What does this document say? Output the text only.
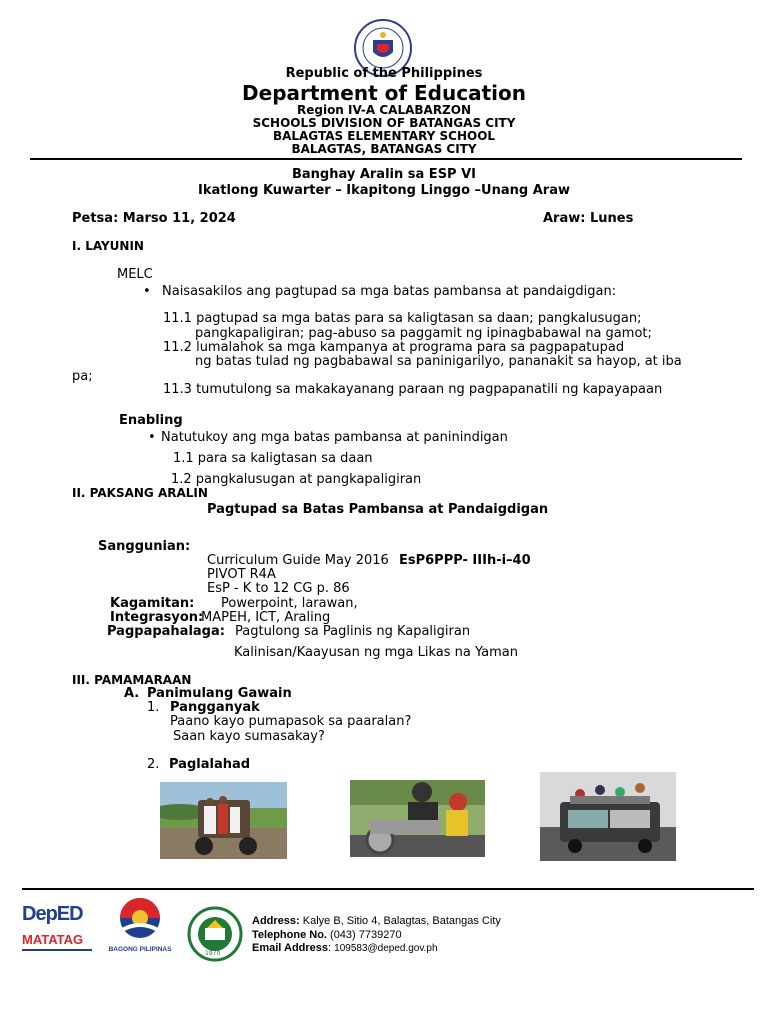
KAGAWARAN NG EDUKASYON
Republic of the Philippines
Department of Education
Region IV-A CALABARZON
SCHOOLS DIVISION OF BATANGAS CITY
BALAGTAS ELEMENTARY SCHOOL
BALAGTAS, BATANGAS CITY
Banghay Aralin sa ESP VI
Ikatlong Kuwarter – Ikapitong Linggo –Unang Araw
Petsa: Marso 11, 2024	Araw: Lunes
I. LAYUNIN
MELC
• Naisasakilos ang pagtupad sa mga batas pambansa at pandaigdigan:
11.1 pagtupad sa mga batas para sa kaligtasan sa daan; pangkalusugan;
pangkapaligiran; pag-abuso sa paggamit ng ipinagbabawal na gamot;
11.2 lumalahok sa mga kampanya at programa para sa pagpapatupad
ng batas tulad ng pagbabawal sa paninigarilyo, pananakit sa hayop, at iba
pa;
11.3 tumutulong sa makakayanang paraan ng pagpapanatili ng kapayapaan
Enabling
• Natutukoy ang mga batas pambansa at paninindigan
1.1 para sa kaligtasan sa daan
1.2 pangkalusugan at pangkapaligiran
II. PAKSANG ARALIN
Pagtupad sa Batas Pambansa at Pandaigdigan
Sanggunian:
Curriculum Guide May 2016 EsP6PPP- IIIh-i–40
PIVOT R4A
EsP - K to 12 CG p. 86
Kagamitan: Powerpoint, larawan,
Integrasyon:
MAPEH, ICT, Araling
Pagpapahalaga: Pagtulong sa Paglinis ng Kapaligiran
Kalinisan/Kaayusan ng mga Likas na Yaman
III. PAMAMARAAN
A. Panimulang Gawain
1. Pangganyak
Paano kayo pumapasok sa paaralan?
Saan kayo sumasakay?
2. Paglalahad
DepED
MATATAG
BAGONG PILIPINAS
BALAGTAS ELEMENTARY SCHOOL
1970
Address: Kalye B, Sitio 4, Balagtas, Batangas City
Telephone No. (043) 7739270
Email Address: 109583@deped.gov.ph
